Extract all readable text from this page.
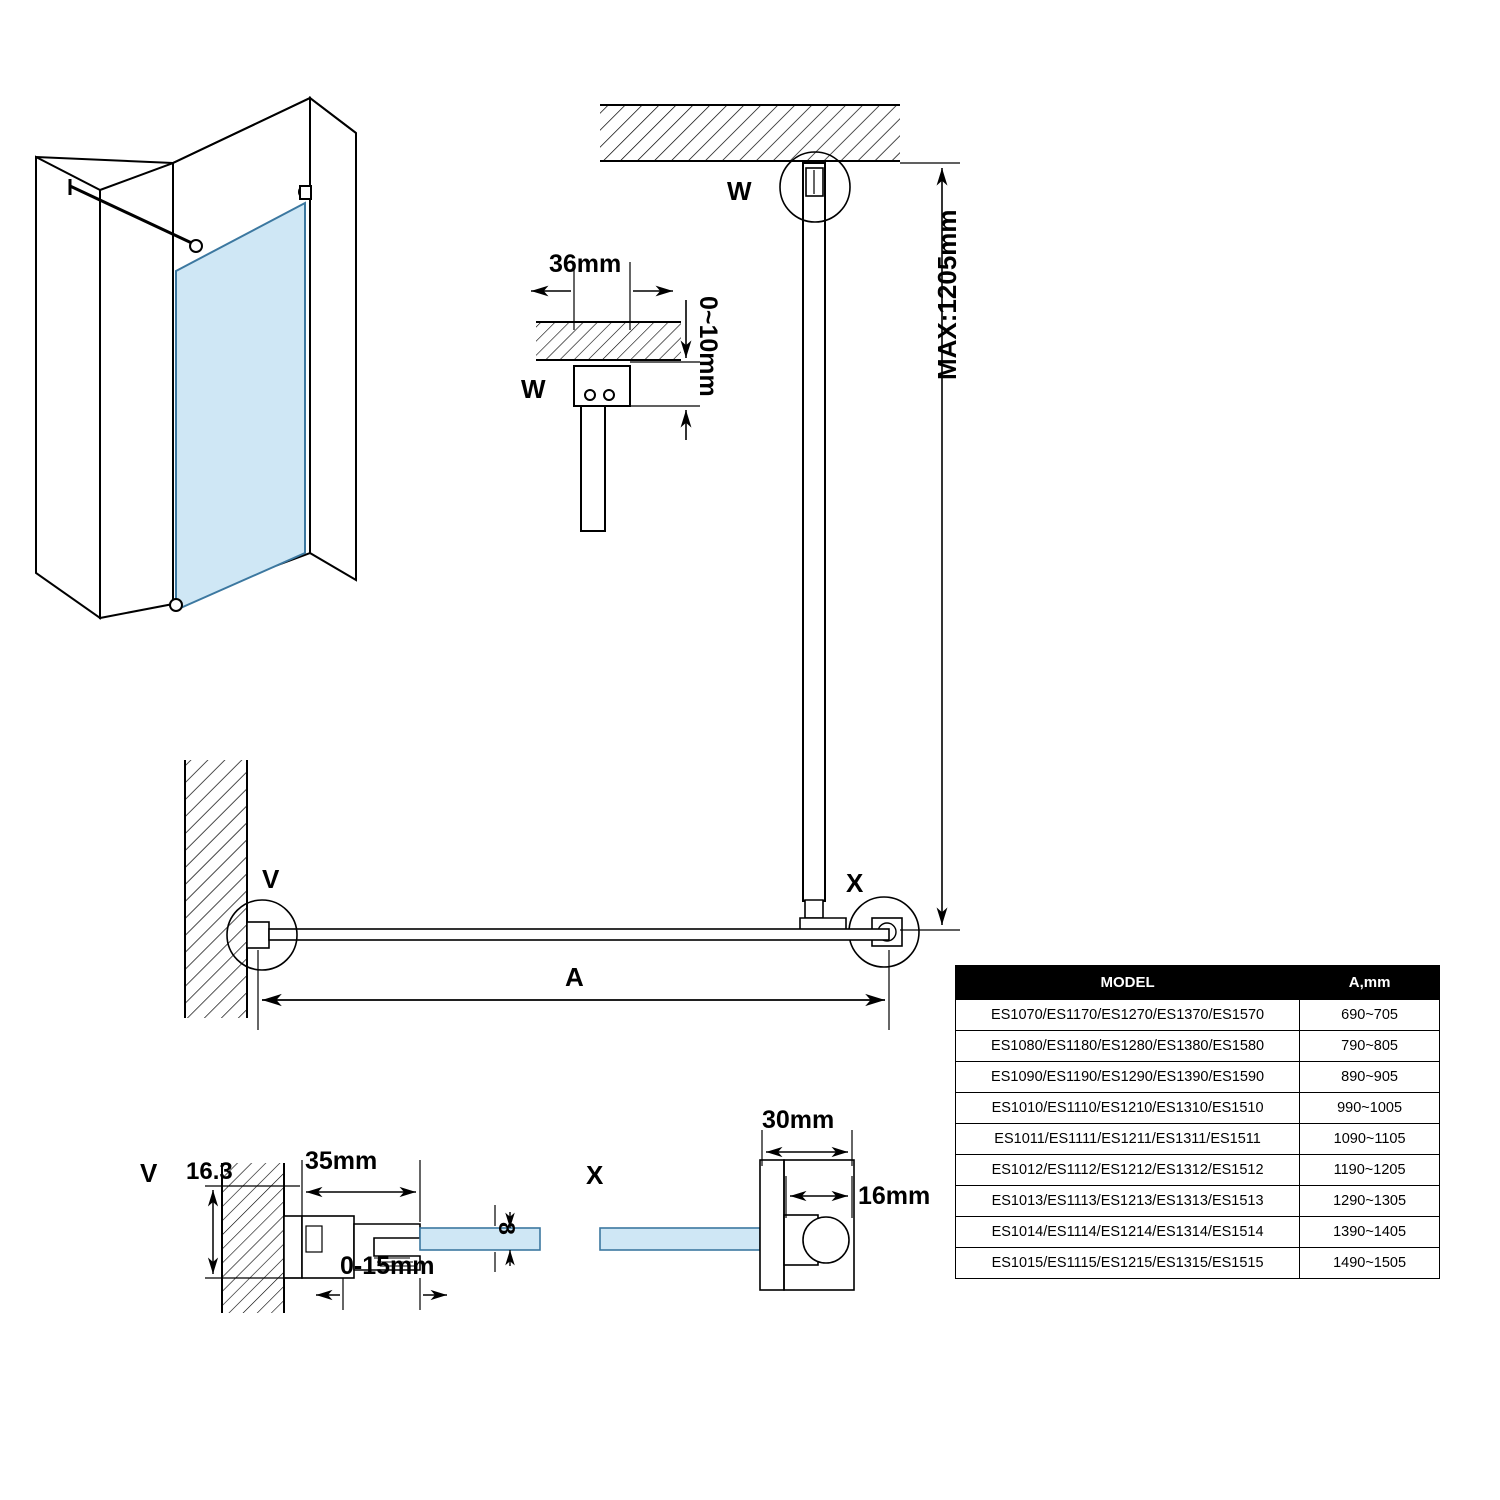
W
W
36mm
0~10mm	MAX:1205mm
V	X
A
V 16.3	35mm
8
0-15mm
X
30mm
16mm
MODEL	A,mm
ES1070/ES1170/ES1270/ES1370/ES1570	690~705
ES1080/ES1180/ES1280/ES1380/ES1580	790~805
ES1090/ES1190/ES1290/ES1390/ES1590	890~905
ES1010/ES1110/ES1210/ES1310/ES1510	990~1005
ES1011/ES1111/ES1211/ES1311/ES1511	1090~1105
ES1012/ES1112/ES1212/ES1312/ES1512	1190~1205
ES1013/ES1113/ES1213/ES1313/ES1513	1290~1305
ES1014/ES1114/ES1214/ES1314/ES1514	1390~1405
ES1015/ES1115/ES1215/ES1315/ES1515	1490~1505
